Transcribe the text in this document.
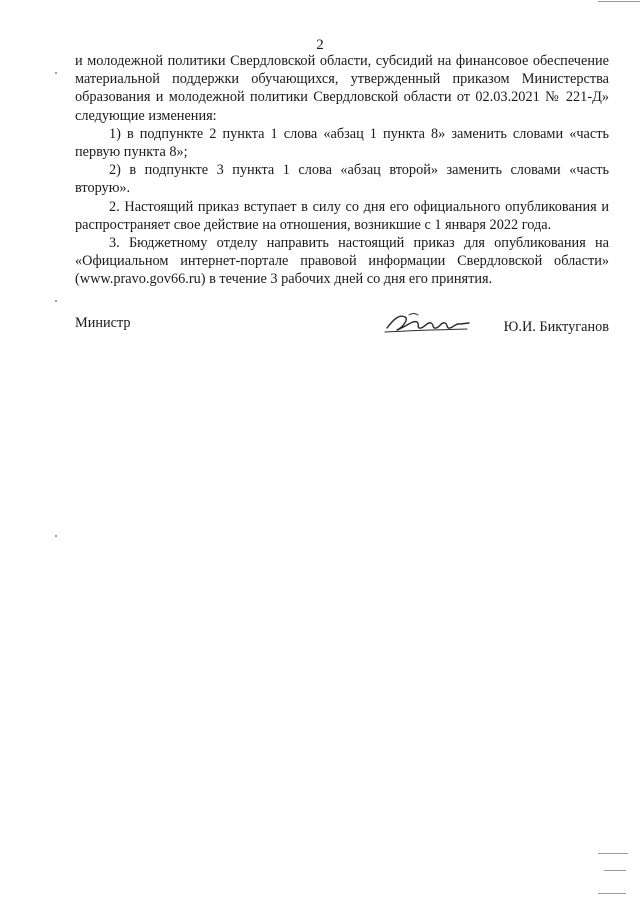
2

и молодежной политики Свердловской области, субсидий на финансовое обеспечение материальной поддержки обучающихся, утвержденный приказом Министерства образования и молодежной политики Свердловской области от 02.03.2021 № 221-Д» следующие изменения:

1) в подпункте 2 пункта 1 слова «абзац 1 пункта 8» заменить словами «часть первую пункта 8»;

2) в подпункте 3 пункта 1 слова «абзац второй» заменить словами «часть вторую».

2. Настоящий приказ вступает в силу со дня его официального опубликования и распространяет свое действие на отношения, возникшие с 1 января 2022 года.

3. Бюджетному отделу направить настоящий приказ для опубликования на «Официальном интернет-портале правовой информации Свердловской области» (www.pravo.gov66.ru) в течение 3 рабочих дней со дня его принятия.

Министр	Ю.И. Биктуганов
